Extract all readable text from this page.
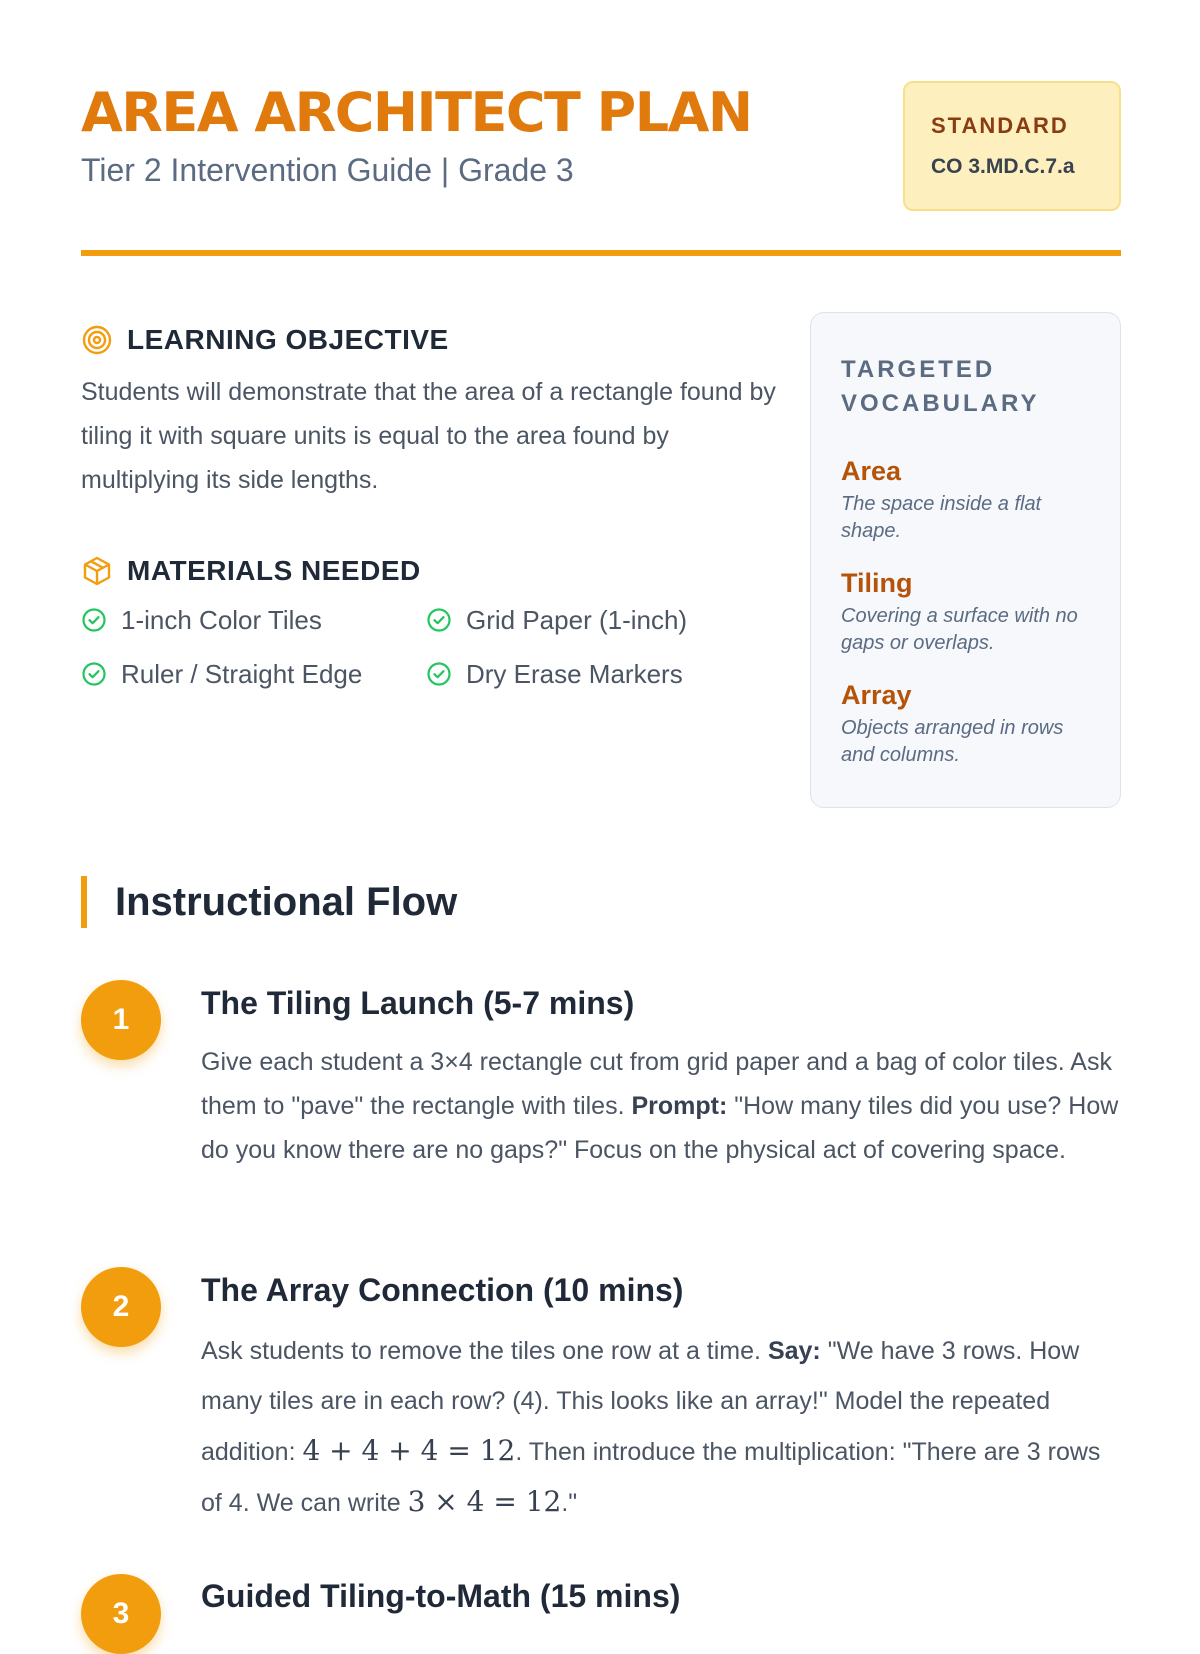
AREA ARCHITECT PLAN
Tier 2 Intervention Guide | Grade 3
STANDARD
CO 3.MD.C.7.a
LEARNING OBJECTIVE
Students will demonstrate that the area of a rectangle found by tiling it with square units is equal to the area found by multiplying its side lengths.
MATERIALS NEEDED
1-inch Color Tiles	Grid Paper (1-inch)
Ruler / Straight Edge	Dry Erase Markers
TARGETED VOCABULARY
Area
The space inside a flat shape.
Tiling
Covering a surface with no gaps or overlaps.
Array
Objects arranged in rows and columns.
Instructional Flow
1	The Tiling Launch (5-7 mins)
Give each student a 3×4 rectangle cut from grid paper and a bag of color tiles. Ask them to "pave" the rectangle with tiles. Prompt: "How many tiles did you use? How do you know there are no gaps?" Focus on the physical act of covering space.
2	The Array Connection (10 mins)
Ask students to remove the tiles one row at a time. Say: "We have 3 rows. How many tiles are in each row? (4). This looks like an array!" Model the repeated addition: 4 + 4 + 4 = 12. Then introduce the multiplication: "There are 3 rows of 4. We can write 3 × 4 = 12."
3	Guided Tiling-to-Math (15 mins)
